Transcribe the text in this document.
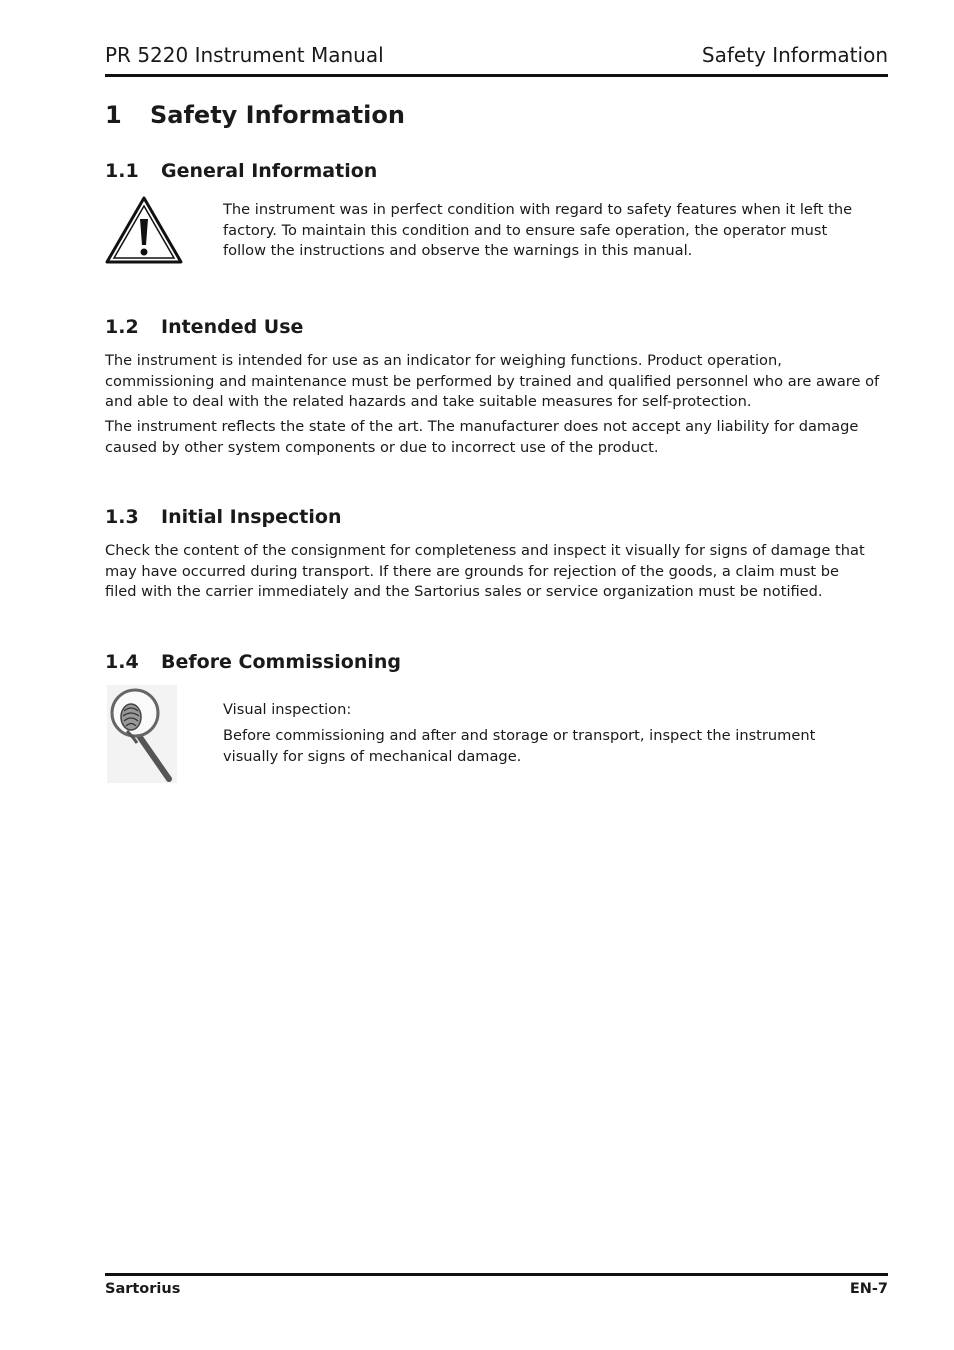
PR 5220 Instrument Manual	Safety Information
1 Safety Information
1.1 General Information
The instrument was in perfect condition with regard to safety features when it left the factory. To maintain this condition and to ensure safe operation, the operator must follow the instructions and observe the warnings in this manual.
1.2 Intended Use
The instrument is intended for use as an indicator for weighing functions. Product operation, commissioning and maintenance must be performed by trained and qualified personnel who are aware of and able to deal with the related hazards and take suitable measures for self-protection.
The instrument reflects the state of the art. The manufacturer does not accept any liability for damage caused by other system components or due to incorrect use of the product.
1.3 Initial Inspection
Check the content of the consignment for completeness and inspect it visually for signs of damage that may have occurred during transport. If there are grounds for rejection of the goods, a claim must be filed with the carrier immediately and the Sartorius sales or service organization must be notified.
1.4 Before Commissioning
Visual inspection:
Before commissioning and after and storage or transport, inspect the instrument visually for signs of mechanical damage.
Sartorius	EN-7
